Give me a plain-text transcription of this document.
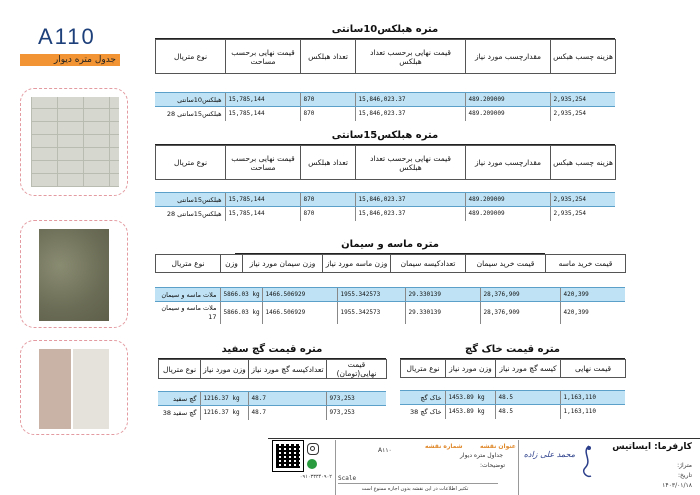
A110
جدول متره دیوار
متره هبلکس10سانتی
نوع متریال	قیمت نهایی برحسب مساحت	تعداد هبلکس	قیمت نهایی برحسب تعداد هبلکس	مقدارچسب مورد نیاز	هزینه چسب هبکس
هبلکس10سانتی	15,785,144	870	15,846,023.37	489.209009	2,935,254
هبلکس15سانتی 28	15,785,144	870	15,846,023.37	489.209009	2,935,254
متره هبلکس15سانتی
نوع متریال	قیمت نهایی برحسب مساحت	تعداد هبلکس	قیمت نهایی برحسب تعداد هبلکس	مقدارچسب مورد نیاز	هزینه چسب هبکس
هبلکس15سانتی	15,785,144	870	15,846,023.37	489.209009	2,935,254
هبلکس15سانتی 28	15,785,144	870	15,846,023.37	489.209009	2,935,254
متره ماسه و سیمان
نوع متریال	وزن	وزن سیمان مورد نیاز	وزن ماسه مورد نیاز	تعدادکیسه سیمان	قیمت خرید سیمان	قیمت خرید ماسه
ملات ماسه و سیمان	5866.03 kg	1466.506929	1955.342573	29.330139	28,376,909	420,399
ملات ماسه و سیمان 17	5866.03 kg	1466.506929	1955.342573	29.330139	28,376,909	420,399
متره قیمت گچ سفید
نوع متریال	وزن مورد نیاز	تعدادکیسه گچ مورد نیاز	قیمت نهایی(تومان)
گچ سفید	1216.37 kg	48.7	973,253
گچ سفید 38	1216.37 kg	48.7	973,253
متره قیمت خاک گچ
نوع متریال	وزن مورد نیاز	کیسه گچ مورد نیاز	قیمت نهایی
خاک گچ	1453.89 kg	48.5	1,163,110
خاک گچ 38	1453.89 kg	48.5	1,163,110
۰۹۱۰۳۳۳۴۰۹۰۲ Scale
تکثیر اطلاعات در این نقشه بدون اجازه ممنوع است
شماره نقشه
A۱۱۰
عنوان نقشه
جداول متره دیوار
توضیحات:
محمد علی زاده
کارفرما: ایساتیس
متراژ:
تاریخ:
۱۴۰۳/۰۱/۱۸
